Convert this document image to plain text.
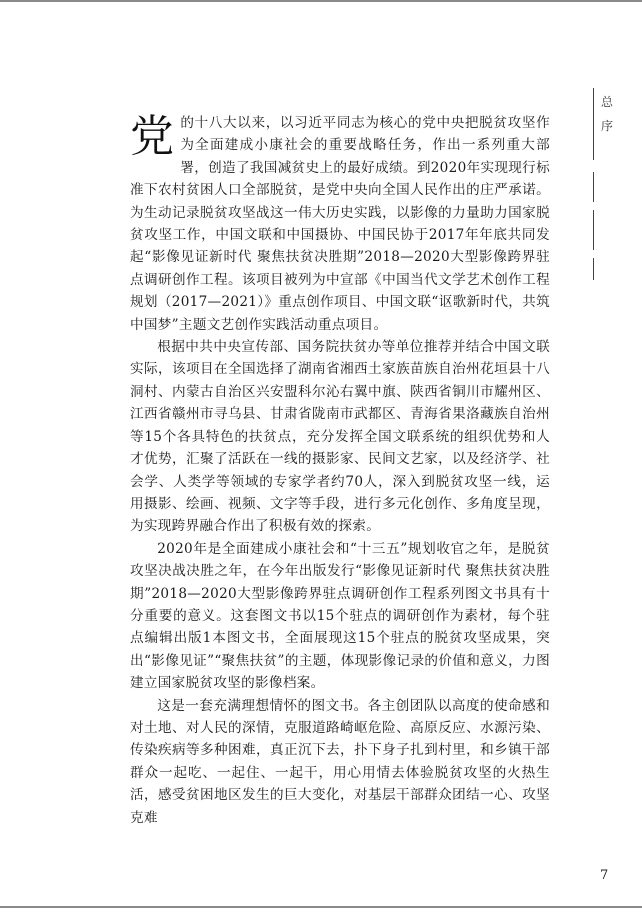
总
序

党的十八大以来，以习近平同志为核心的党中央把脱贫攻坚作为全面建成小康社会的重要战略任务，作出一系列重大部署，创造了我国减贫史上的最好成绩。到2020年实现现行标准下农村贫困人口全部脱贫，是党中央向全国人民作出的庄严承诺。为生动记录脱贫攻坚战这一伟大历史实践，以影像的力量助力国家脱贫攻坚工作，中国文联和中国摄协、中国民协于2017年年底共同发起“影像见证新时代 聚焦扶贫决胜期”2018—2020大型影像跨界驻点调研创作工程。该项目被列为中宣部《中国当代文学艺术创作工程规划（2017—2021）》重点创作项目、中国文联“讴歌新时代，共筑中国梦”主题文艺创作实践活动重点项目。

根据中共中央宣传部、国务院扶贫办等单位推荐并结合中国文联实际，该项目在全国选择了湖南省湘西土家族苗族自治州花垣县十八洞村、内蒙古自治区兴安盟科尔沁右翼中旗、陕西省铜川市耀州区、江西省赣州市寻乌县、甘肃省陇南市武都区、青海省果洛藏族自治州等15个各具特色的扶贫点，充分发挥全国文联系统的组织优势和人才优势，汇聚了活跃在一线的摄影家、民间文艺家，以及经济学、社会学、人类学等领域的专家学者约70人，深入到脱贫攻坚一线，运用摄影、绘画、视频、文字等手段，进行多元化创作、多角度呈现，为实现跨界融合作出了积极有效的探索。

2020年是全面建成小康社会和“十三五”规划收官之年，是脱贫攻坚决战决胜之年，在今年出版发行“影像见证新时代 聚焦扶贫决胜期”2018—2020大型影像跨界驻点调研创作工程系列图文书具有十分重要的意义。这套图文书以15个驻点的调研创作为素材，每个驻点编辑出版1本图文书，全面展现这15个驻点的脱贫攻坚成果，突出“影像见证”“聚焦扶贫”的主题，体现影像记录的价值和意义，力图建立国家脱贫攻坚的影像档案。

这是一套充满理想情怀的图文书。各主创团队以高度的使命感和对土地、对人民的深情，克服道路崎岖危险、高原反应、水源污染、传染疾病等多种困难，真正沉下去，扑下身子扎到村里，和乡镇干部群众一起吃、一起住、一起干，用心用情去体验脱贫攻坚的火热生活，感受贫困地区发生的巨大变化，对基层干部群众团结一心、攻坚克难

7
